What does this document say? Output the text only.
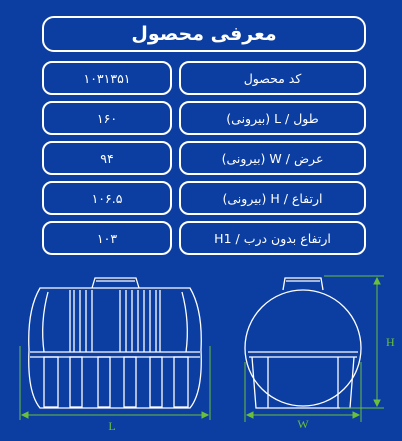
معرفی محصول
۱۰۳۱۳۵۱	کد محصول
۱۶۰	طول / L (بیرونی)
۹۴	عرض / W (بیرونی)
۱۰۶.۵	ارتفاع / H (بیرونی)
۱۰۳	ارتفاع بدون درب / H1
L	W
H
